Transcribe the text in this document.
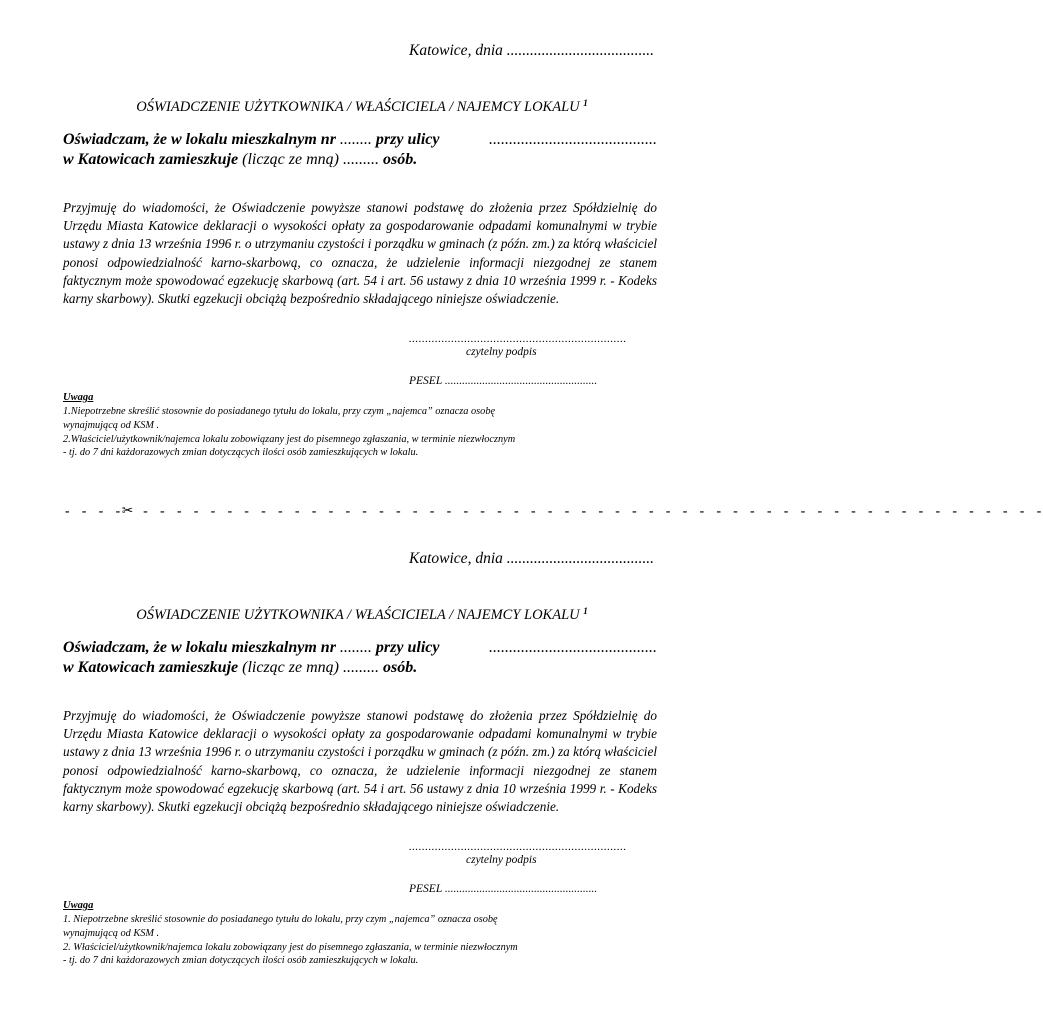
Katowice, dnia ......................................
OŚWIADCZENIE UŻYTKOWNIKA / WŁAŚCICIELA / NAJEMCY LOKALU $^1$
Oświadczam, że w lokalu mieszkalnym nr ........ przy ulicy	..........................................
w Katowicach zamieszkuje (licząc ze mną) ......... osób.
Przyjmuję do wiadomości, że Oświadczenie powyższe stanowi podstawę do złożenia przez Spółdzielnię do Urzędu Miasta Katowice deklaracji o wysokości opłaty za gospodarowanie odpadami komunalnymi w trybie ustawy z dnia 13 września 1996 r. o utrzymaniu czystości i porządku w gminach (z późn. zm.) za którą właściciel ponosi odpowiedzialność karno-skarbową, co oznacza, że udzielenie informacji niezgodnej ze stanem faktycznym może spowodować egzekucję skarbową (art. 54 i art. 56 ustawy z dnia 10 września 1999 r. - Kodeks karny skarbowy). Skutki egzekucji obciążą bezpośrednio składającego niniejsze oświadczenie.
...................................................................
czytelny podpis
PESEL .....................................................
Uwaga
1.Niepotrzebne skreślić stosownie do posiadanego tytułu do lokalu, przy czym „najemca” oznacza osobę
wynajmującą od KSM .
2.Właściciel/użytkownik/najemca lokalu zobowiązany jest do pisemnego zgłaszania, w terminie niezwłocznym
- tj. do 7 dni każdorazowych zmian dotyczących ilości osób zamieszkujących w lokalu.
- - - -✂ - - - - - - - - - - - - - - - - - - - - - - - - - - - - - - - - - - - - - - - - - - - - - - - - - - - - - -
Katowice, dnia ......................................
OŚWIADCZENIE UŻYTKOWNIKA / WŁAŚCICIELA / NAJEMCY LOKALU $^1$
Oświadczam, że w lokalu mieszkalnym nr ........ przy ulicy	..........................................
w Katowicach zamieszkuje (licząc ze mną) ......... osób.
Przyjmuję do wiadomości, że Oświadczenie powyższe stanowi podstawę do złożenia przez Spółdzielnię do Urzędu Miasta Katowice deklaracji o wysokości opłaty za gospodarowanie odpadami komunalnymi w trybie ustawy z dnia 13 września 1996 r. o utrzymaniu czystości i porządku w gminach (z późn. zm.) za którą właściciel ponosi odpowiedzialność karno-skarbową, co oznacza, że udzielenie informacji niezgodnej ze stanem faktycznym może spowodować egzekucję skarbową (art. 54 i art. 56 ustawy z dnia 10 września 1999 r. - Kodeks karny skarbowy). Skutki egzekucji obciążą bezpośrednio składającego niniejsze oświadczenie.
...................................................................
czytelny podpis
PESEL .....................................................
Uwaga
1. Niepotrzebne skreślić stosownie do posiadanego tytułu do lokalu, przy czym „najemca” oznacza osobę
wynajmującą od KSM .
2. Właściciel/użytkownik/najemca lokalu zobowiązany jest do pisemnego zgłaszania, w terminie niezwłocznym
- tj. do 7 dni każdorazowych zmian dotyczących ilości osób zamieszkujących w lokalu.
